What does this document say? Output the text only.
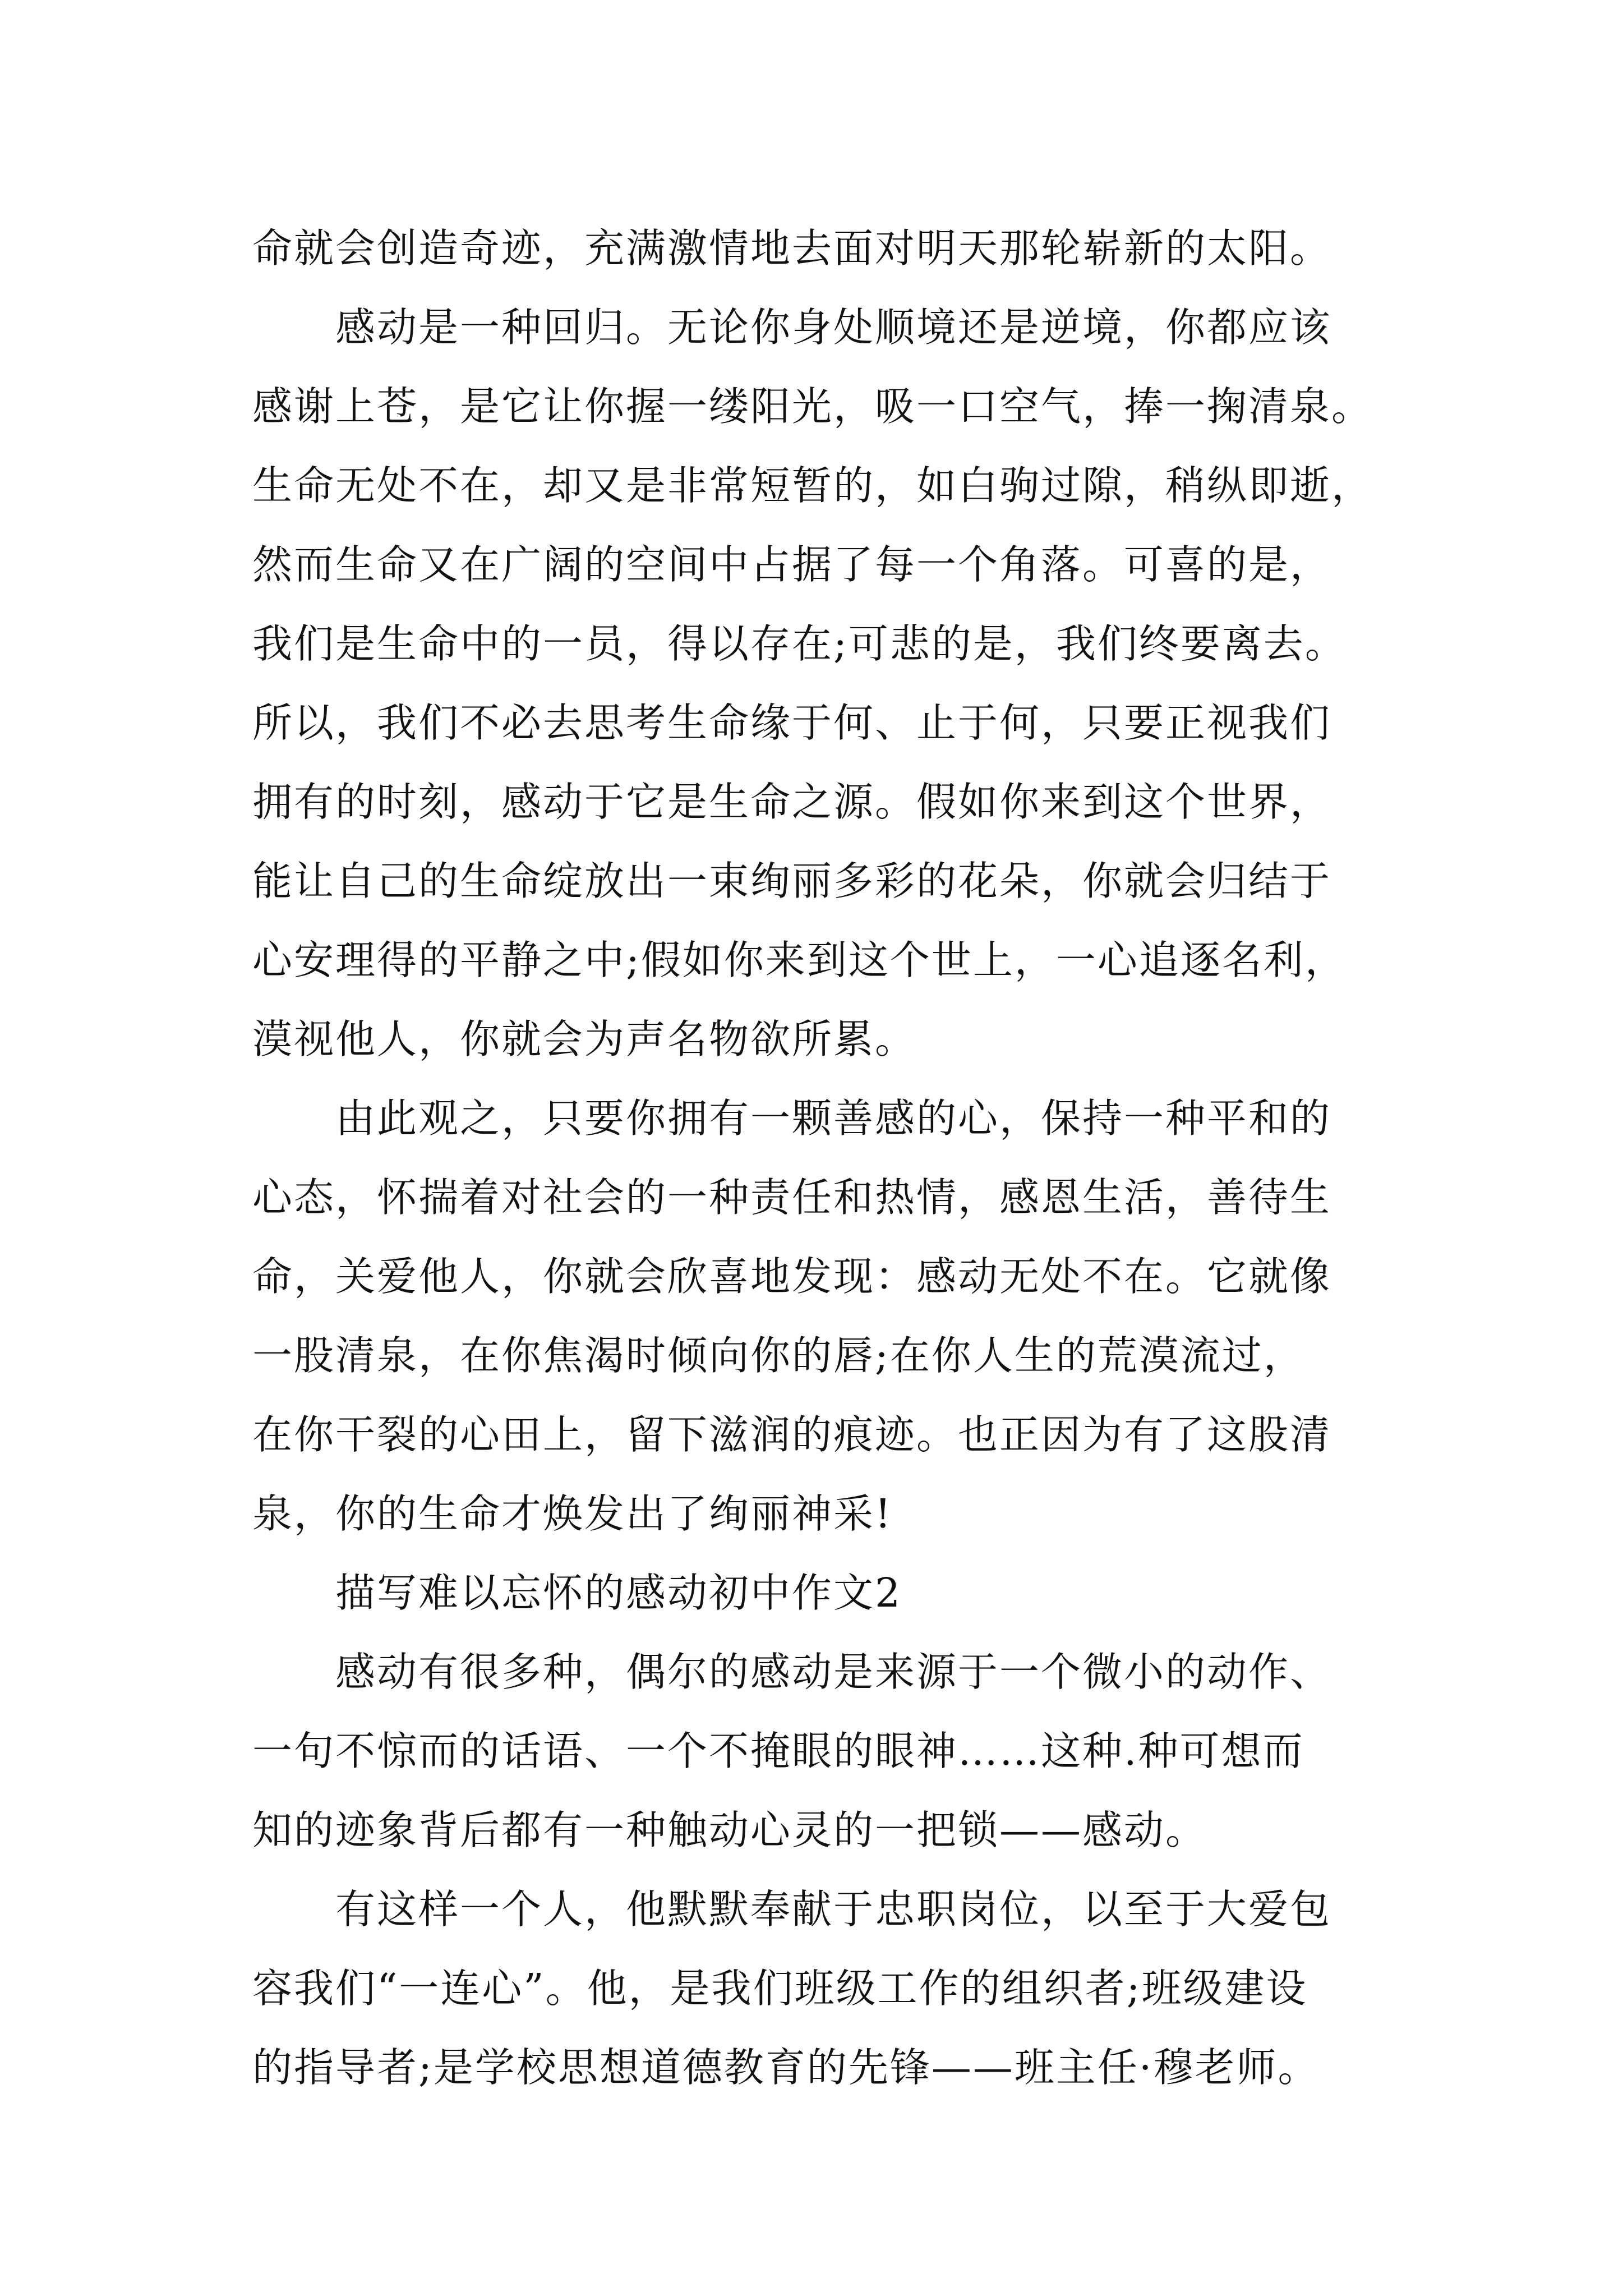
命就会创造奇迹，充满激情地去面对明天那轮崭新的太阳。
感动是一种回归。无论你身处顺境还是逆境，你都应该
感谢上苍，是它让你握一缕阳光，吸一口空气，捧一掬清泉。
生命无处不在，却又是非常短暂的，如白驹过隙，稍纵即逝，
然而生命又在广阔的空间中占据了每一个角落。可喜的是，
我们是生命中的一员，得以存在;可悲的是，我们终要离去。
所以，我们不必去思考生命缘于何、止于何，只要正视我们
拥有的时刻，感动于它是生命之源。假如你来到这个世界，
能让自己的生命绽放出一束绚丽多彩的花朵，你就会归结于
心安理得的平静之中;假如你来到这个世上，一心追逐名利，
漠视他人，你就会为声名物欲所累。
由此观之，只要你拥有一颗善感的心，保持一种平和的
心态，怀揣着对社会的一种责任和热情，感恩生活，善待生
命，关爱他人，你就会欣喜地发现：感动无处不在。它就像
一股清泉，在你焦渴时倾向你的唇;在你人生的荒漠流过，
在你干裂的心田上，留下滋润的痕迹。也正因为有了这股清
泉，你的生命才焕发出了绚丽神采!
描写难以忘怀的感动初中作文2
感动有很多种，偶尔的感动是来源于一个微小的动作、
一句不惊而的话语、一个不掩眼的眼神……这种.种可想而
知的迹象背后都有一种触动心灵的一把锁——感动。
有这样一个人，他默默奉献于忠职岗位，以至于大爱包
容我们“一连心”。他，是我们班级工作的组织者;班级建设
的指导者;是学校思想道德教育的先锋——班主任·穆老师。
